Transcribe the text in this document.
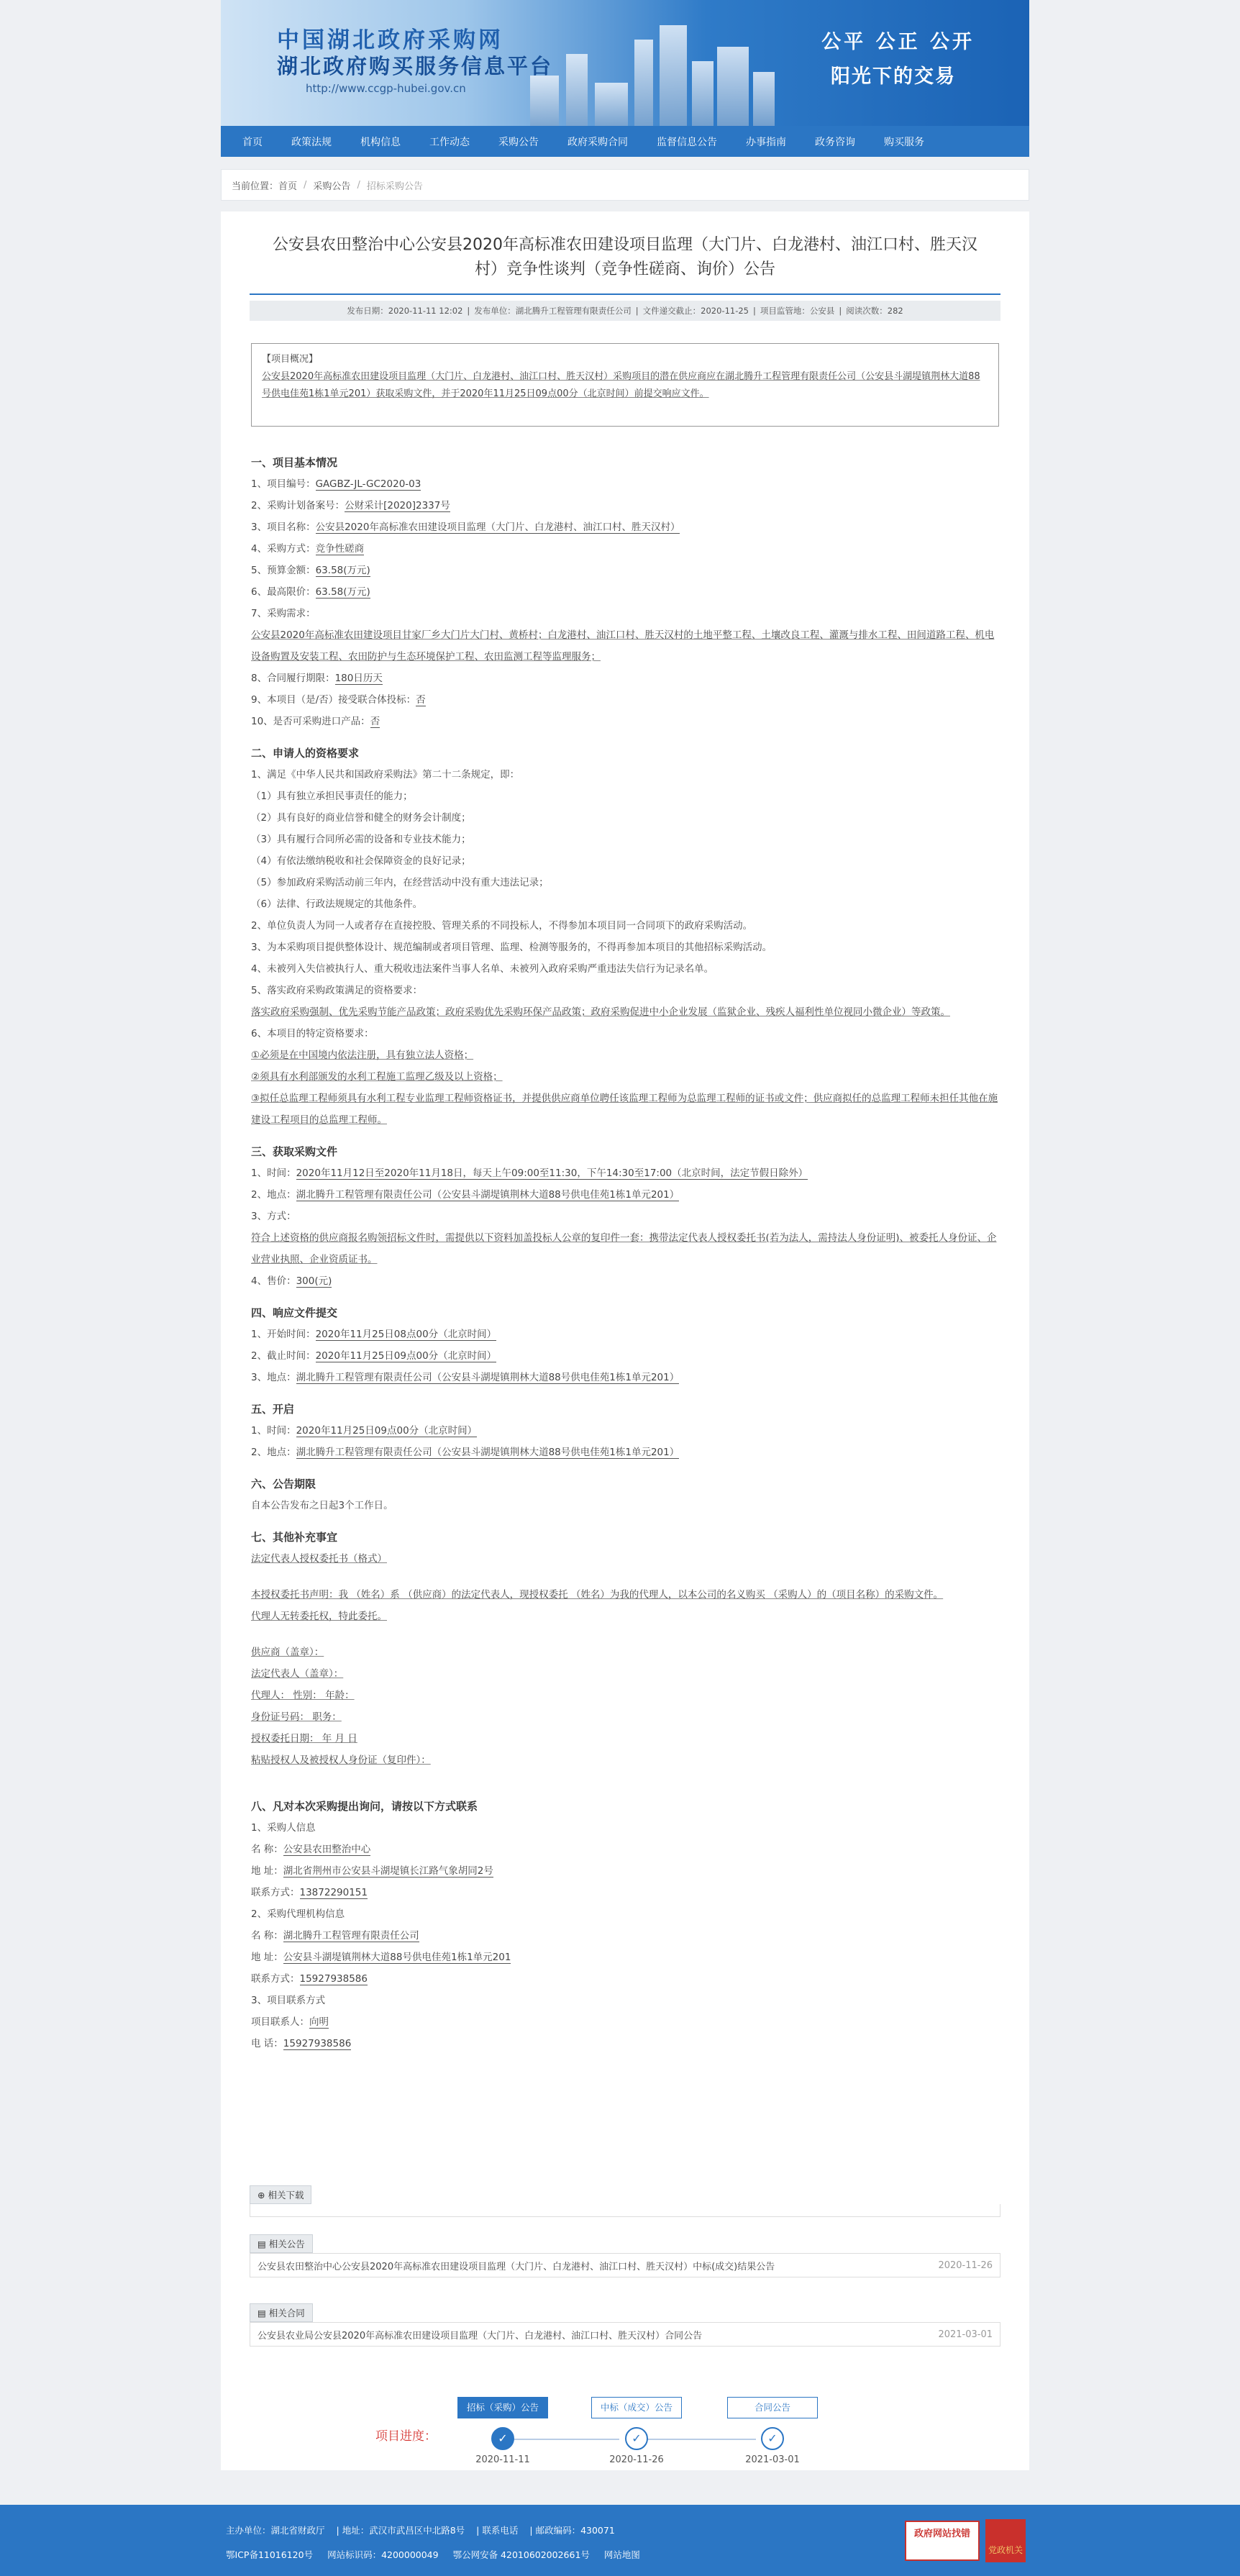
中国湖北政府采购网
湖北政府购买服务信息平台
http://www.ccgp-hubei.gov.cn
公平 公正 公开
阳光下的交易
首页	政策法规	机构信息	工作动态	采购公告	政府采购合同	监督信息公告	办事指南	政务咨询	购买服务
当前位置： 首页 / 采购公告 / 招标采购公告
公安县农田整治中心公安县2020年高标准农田建设项目监理（大门片、白龙港村、油江口村、胜天汉村）竞争性谈判（竞争性磋商、询价）公告
发布日期：2020-11-11 12:02 | 发布单位：湖北腾升工程管理有限责任公司 | 文件递交截止：2020-11-25 | 项目监管地：公安县 | 阅读次数：282
【项目概况】
公安县2020年高标准农田建设项目监理（大门片、白龙港村、油江口村、胜天汉村）采购项目的潜在供应商应在湖北腾升工程管理有限责任公司（公安县斗湖堤镇荆林大道88号供电佳苑1栋1单元201）获取采购文件，并于2020年11月25日09点00分（北京时间）前提交响应文件。
一、项目基本情况
1、项目编号：GAGBZ-JL-GC2020-03
2、采购计划备案号：公财采计[2020]2337号
3、项目名称：公安县2020年高标准农田建设项目监理（大门片、白龙港村、油江口村、胜天汉村）
4、采购方式：竞争性磋商
5、预算金额：63.58(万元)
6、最高限价：63.58(万元)
7、采购需求：
公安县2020年高标准农田建设项目甘家厂乡大门片大门村、黄桥村；白龙港村、油江口村、胜天汉村的土地平整工程、土壤改良工程、灌溉与排水工程、田间道路工程、机电设备购置及安装工程、农田防护与生态环境保护工程、农田监测工程等监理服务；
8、合同履行期限：180日历天
9、本项目（是/否）接受联合体投标：否
10、是否可采购进口产品：否
二、申请人的资格要求
1、满足《中华人民共和国政府采购法》第二十二条规定，即：
（1）具有独立承担民事责任的能力；
（2）具有良好的商业信誉和健全的财务会计制度；
（3）具有履行合同所必需的设备和专业技术能力；
（4）有依法缴纳税收和社会保障资金的良好记录；
（5）参加政府采购活动前三年内，在经营活动中没有重大违法记录；
（6）法律、行政法规规定的其他条件。
2、单位负责人为同一人或者存在直接控股、管理关系的不同投标人，不得参加本项目同一合同项下的政府采购活动。
3、为本采购项目提供整体设计、规范编制或者项目管理、监理、检测等服务的，不得再参加本项目的其他招标采购活动。
4、未被列入失信被执行人、重大税收违法案件当事人名单、未被列入政府采购严重违法失信行为记录名单。
5、落实政府采购政策满足的资格要求：
落实政府采购强制、优先采购节能产品政策；政府采购优先采购环保产品政策；政府采购促进中小企业发展（监狱企业、残疾人福利性单位视同小微企业）等政策。
6、本项目的特定资格要求：
①必须是在中国境内依法注册，具有独立法人资格；
②须具有水利部颁发的水利工程施工监理乙级及以上资格；
③拟任总监理工程师须具有水利工程专业监理工程师资格证书，并提供供应商单位聘任该监理工程师为总监理工程师的证书或文件；供应商拟任的总监理工程师未担任其他在施建设工程项目的总监理工程师。
三、获取采购文件
1、时间：2020年11月12日至2020年11月18日，每天上午09:00至11:30，下午14:30至17:00（北京时间，法定节假日除外）
2、地点：湖北腾升工程管理有限责任公司（公安县斗湖堤镇荆林大道88号供电佳苑1栋1单元201）
3、方式：
符合上述资格的供应商报名购领招标文件时，需提供以下资料加盖投标人公章的复印件一套：携带法定代表人授权委托书(若为法人，需持法人身份证明)、被委托人身份证、企业营业执照、企业资质证书。
4、售价：300(元)
四、响应文件提交
1、开始时间：2020年11月25日08点00分（北京时间）
2、截止时间：2020年11月25日09点00分（北京时间）
3、地点：湖北腾升工程管理有限责任公司（公安县斗湖堤镇荆林大道88号供电佳苑1栋1单元201）
五、开启
1、时间：2020年11月25日09点00分（北京时间）
2、地点：湖北腾升工程管理有限责任公司（公安县斗湖堤镇荆林大道88号供电佳苑1栋1单元201）
六、公告期限
自本公告发布之日起3个工作日。
七、其他补充事宜
法定代表人授权委托书（格式）
本授权委托书声明：我 （姓名）系 （供应商）的法定代表人，现授权委托 （姓名）为我的代理人，以本公司的名义购买 （采购人）的（项目名称）的采购文件。
代理人无转委托权，特此委托。
供应商（盖章）：
法定代表人（盖章）：
代理人： 性别： 年龄：
身份证号码： 职务：
授权委托日期： 年 月 日
粘贴授权人及被授权人身份证（复印件）：
八、凡对本次采购提出询问，请按以下方式联系
1、采购人信息
名 称：公安县农田整治中心
地 址：湖北省荆州市公安县斗湖堤镇长江路气象胡同2号
联系方式：13872290151
2、采购代理机构信息
名 称：湖北腾升工程管理有限责任公司
地 址：公安县斗湖堤镇荆林大道88号供电佳苑1栋1单元201
联系方式：15927938586
3、项目联系方式
项目联系人：向明
电 话：15927938586
⊕ 相关下载
▤ 相关公告
公安县农田整治中心公安县2020年高标准农田建设项目监理（大门片、白龙港村、油江口村、胜天汉村）中标(成交)结果公告	2020-11-26
▤ 相关合同
公安县农业局公安县2020年高标准农田建设项目监理（大门片、白龙港村、油江口村、胜天汉村）合同公告	2021-03-01
项目进度：
招标（采购）公告	中标（成交）公告	合同公告
✓	✓	✓
2020-11-11	2020-11-26	2021-03-01
主办单位：湖北省财政厅 | 地址：武汉市武昌区中北路8号 | 联系电话 | 邮政编码：430071
鄂ICP备11016120号 网站标识码：4200000049 鄂公网安备 42010602002661号 网站地图
政府网站找错
党政机关
